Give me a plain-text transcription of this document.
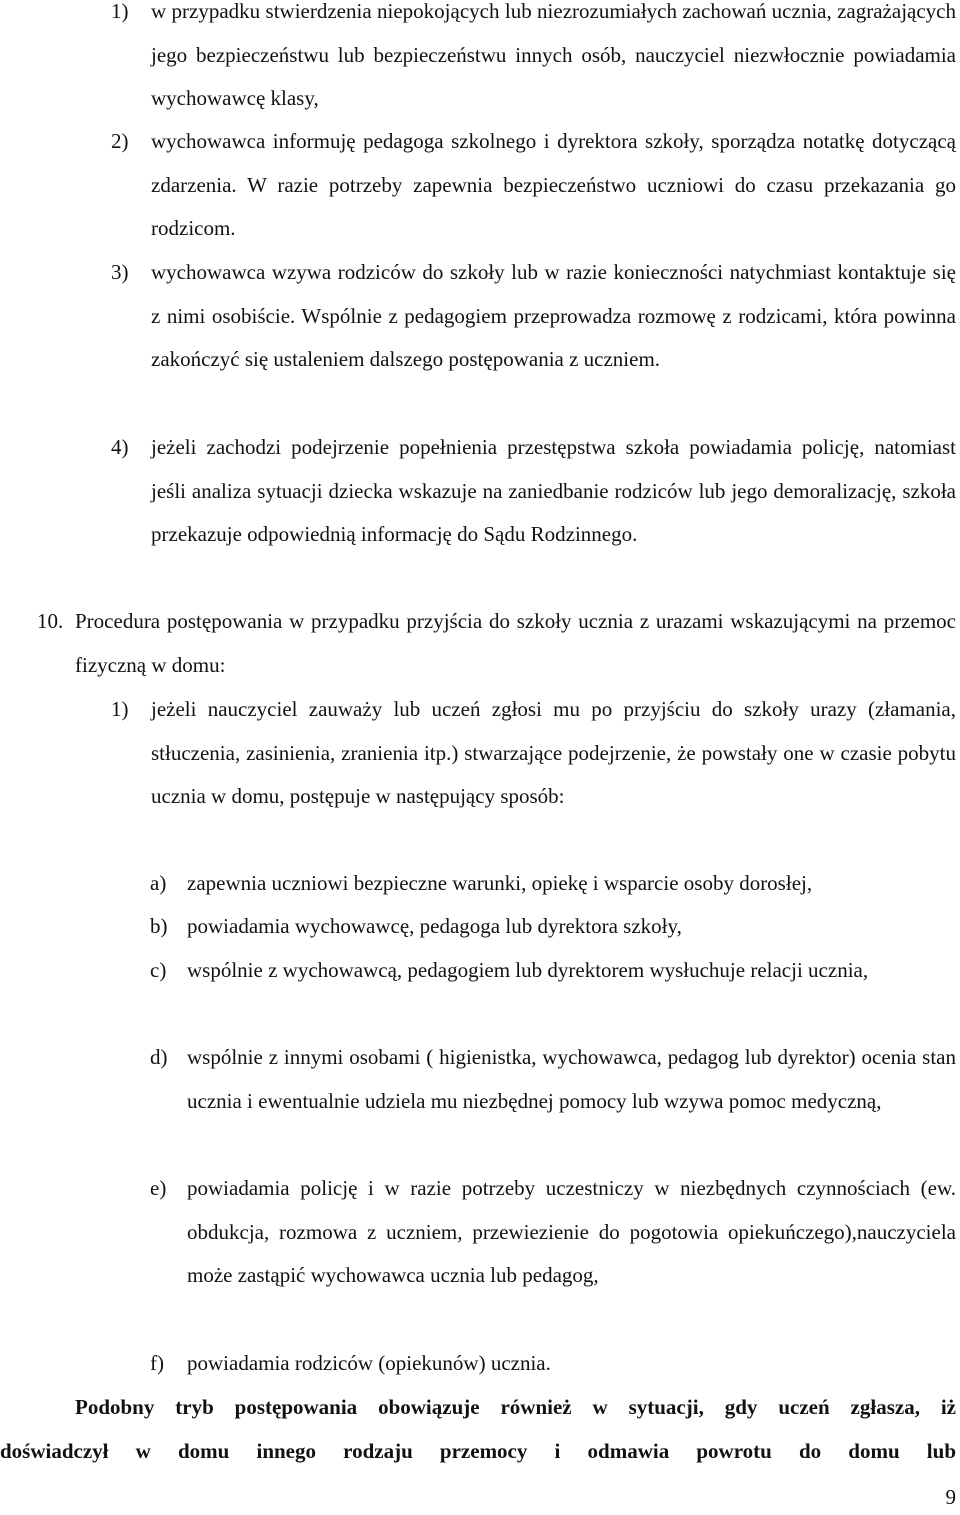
1) w przypadku stwierdzenia niepokojących lub niezrozumiałych zachowań ucznia, zagrażających jego bezpieczeństwu lub bezpieczeństwu innych osób, nauczyciel niezwłocznie powiadamia wychowawcę klasy,
2) wychowawca informuję pedagoga szkolnego i dyrektora szkoły, sporządza notatkę dotyczącą zdarzenia. W razie potrzeby zapewnia bezpieczeństwo uczniowi do czasu przekazania go rodzicom.
3) wychowawca wzywa rodziców do szkoły lub w razie konieczności natychmiast kontaktuje się z nimi osobiście. Wspólnie z pedagogiem przeprowadza rozmowę z rodzicami, która powinna zakończyć się ustaleniem dalszego postępowania z uczniem.
4) jeżeli zachodzi podejrzenie popełnienia przestępstwa szkoła powiadamia policję, natomiast jeśli analiza sytuacji dziecka wskazuje na zaniedbanie rodziców lub jego demoralizację, szkoła przekazuje odpowiednią informację do Sądu Rodzinnego.
10. Procedura postępowania w przypadku przyjścia do szkoły ucznia z urazami wskazującymi na przemoc fizyczną w domu:
1) jeżeli nauczyciel zauważy lub uczeń zgłosi mu po przyjściu do szkoły urazy (złamania, stłuczenia, zasinienia, zranienia itp.) stwarzające podejrzenie, że powstały one w czasie pobytu ucznia w domu, postępuje w następujący sposób:
a) zapewnia uczniowi bezpieczne warunki, opiekę i wsparcie osoby dorosłej,
b) powiadamia wychowawcę, pedagoga lub dyrektora szkoły,
c) wspólnie z wychowawcą, pedagogiem lub dyrektorem wysłuchuje relacji ucznia,
d) wspólnie z innymi osobami ( higienistka, wychowawca, pedagog lub dyrektor) ocenia stan ucznia i ewentualnie udziela mu niezbędnej pomocy lub wzywa pomoc medyczną,
e) powiadamia policję i w razie potrzeby uczestniczy w niezbędnych czynnościach (ew. obdukcja, rozmowa z uczniem, przewiezienie do pogotowia opiekuńczego),nauczyciela może zastąpić wychowawca ucznia lub pedagog,
f) powiadamia rodziców (opiekunów) ucznia.
Podobny tryb postępowania obowiązuje również w sytuacji, gdy uczeń zgłasza, iż
doświadczył w domu innego rodzaju przemocy i odmawia powrotu do domu lub
9
